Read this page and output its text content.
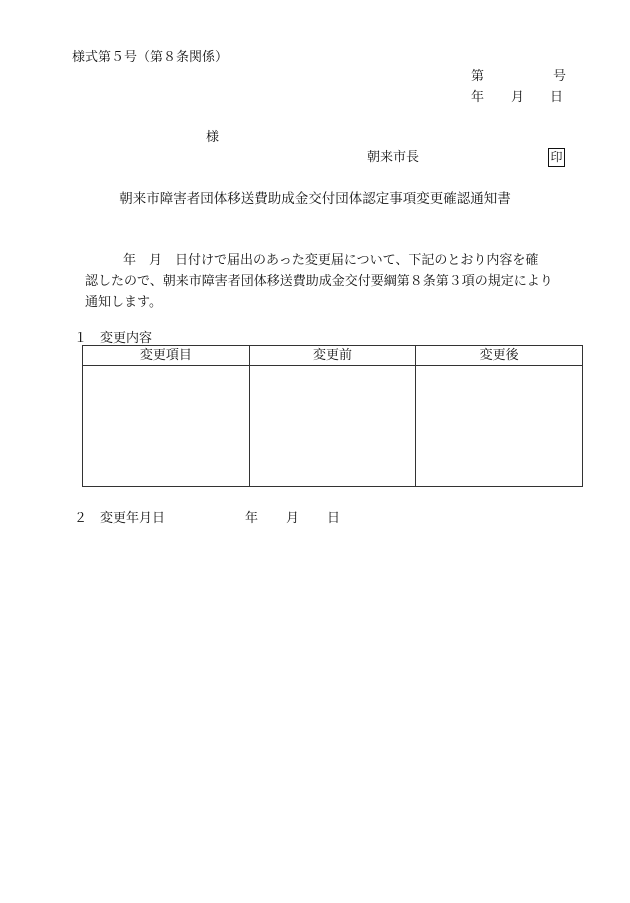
様式第５号（第８条関係）
第	号
年 月 日
様
朝来市長	印
朝来市障害者団体移送費助成金交付団体認定事項変更確認通知書
年　月　日付けで届出のあった変更届について、下記のとおり内容を確
認したので、朝来市障害者団体移送費助成金交付要綱第８条第３項の規定により
通知します。
１ 変更内容
変更項目	変更前	変更後

２ 変更年月日	年 月 日
